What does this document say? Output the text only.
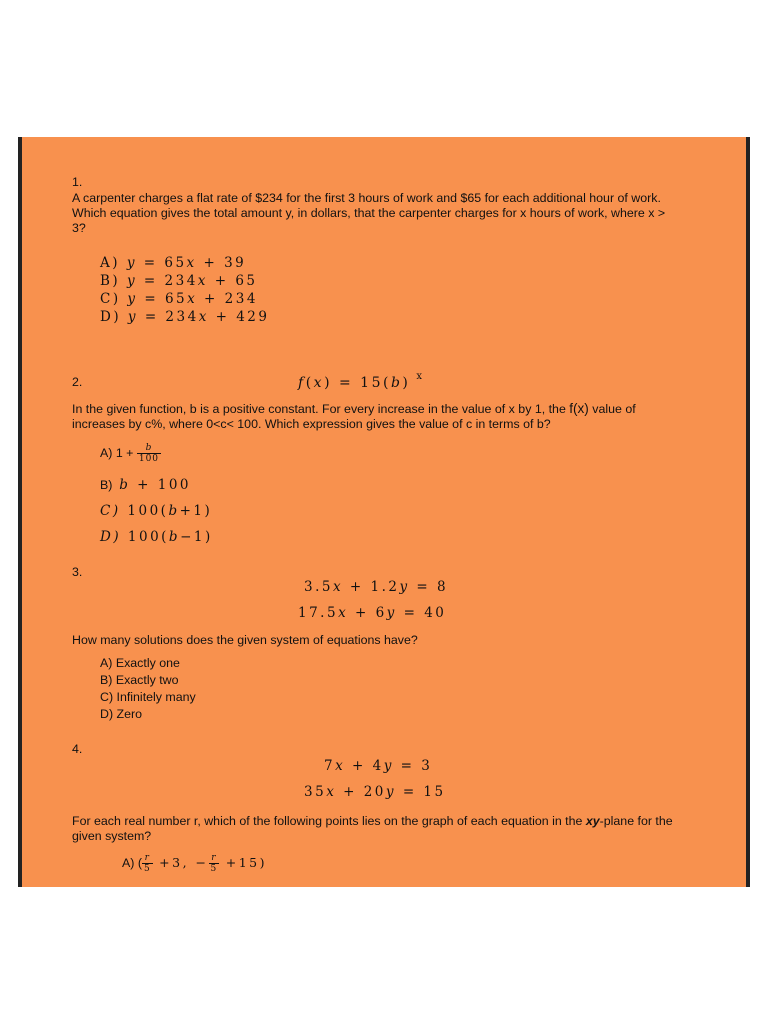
1.
A carpenter charges a flat rate of $234 for the first 3 hours of work and $65 for each additional hour of work. Which equation gives the total amount y, in dollars, that the carpenter charges for x hours of work, where x > 3?
A) y = 65x + 39
B) y = 234x + 65
C) y = 65x + 234
D) y = 234x + 429
2.	f(x) = 15(b) $^x$
In the given function, b is a positive constant. For every increase in the value of x by 1, the f(x) value of increases by c%, where 0<c< 100. Which expression gives the value of c in terms of b?
A) $1 + \frac{b}{100}$
B) b + 100
C) 100(b+1)
D) 100(b−1)
3.
3.5x + 1.2y = 8
17.5x + 6y = 40
How many solutions does the given system of equations have?
A) Exactly one
B) Exactly two
C) Infinitely many
D) Zero
4.
7x + 4y = 3
35x + 20y = 15
For each real number r, which of the following points lies on the graph of each equation in the xy-plane for the given system?
A) ( $\frac{r}{5} +3$, − $\frac{r}{5} +15$)
